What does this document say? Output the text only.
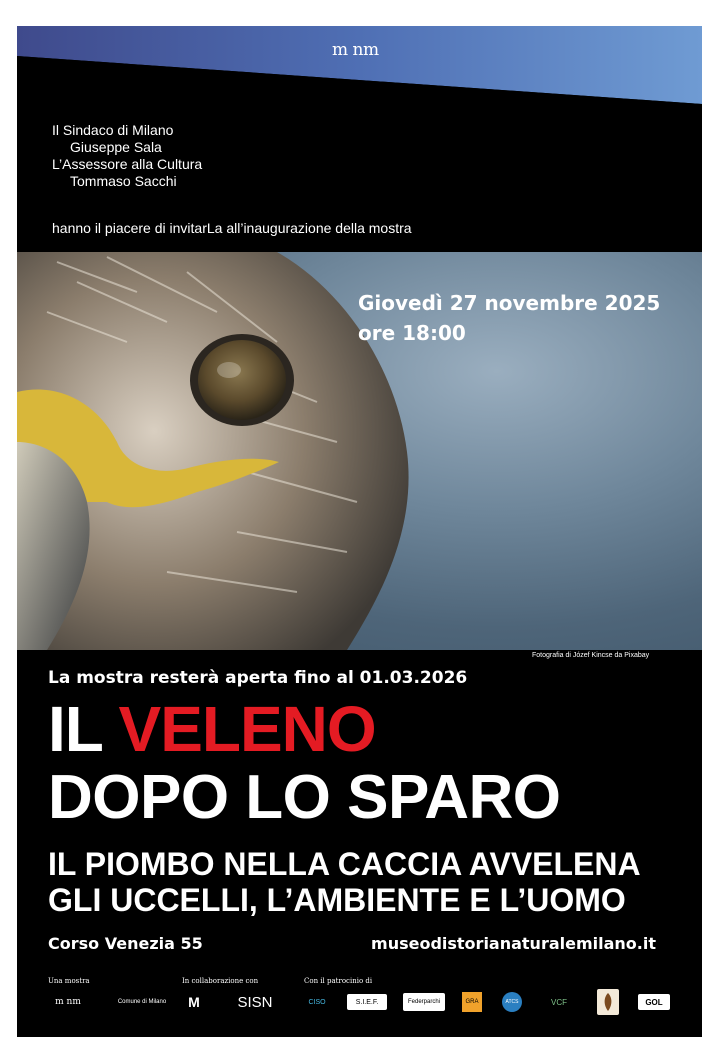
m nm
Il Sindaco di Milano
Giuseppe Sala
L’Assessore alla Cultura
Tommaso Sacchi
hanno il piacere di invitarLa all’inaugurazione della mostra
Giovedì 27 novembre 2025
ore 18:00
Fotografia di Józef Kincse da Pixabay
La mostra resterà aperta fino al 01.03.2026
IL VELENO
DOPO LO SPARO
IL PIOMBO NELLA CACCIA AVVELENA
GLI UCCELLI, L’AMBIENTE E L’UOMO
Corso Venezia 55	museodistorianaturalemilano.it
Una mostra	In collaborazione con	Con il patrocinio di
m nm	Comune di Milano	M	SISN	CISO	S.I.E.F.	Federparchi	GRA	ATCS	VCF	GOL
